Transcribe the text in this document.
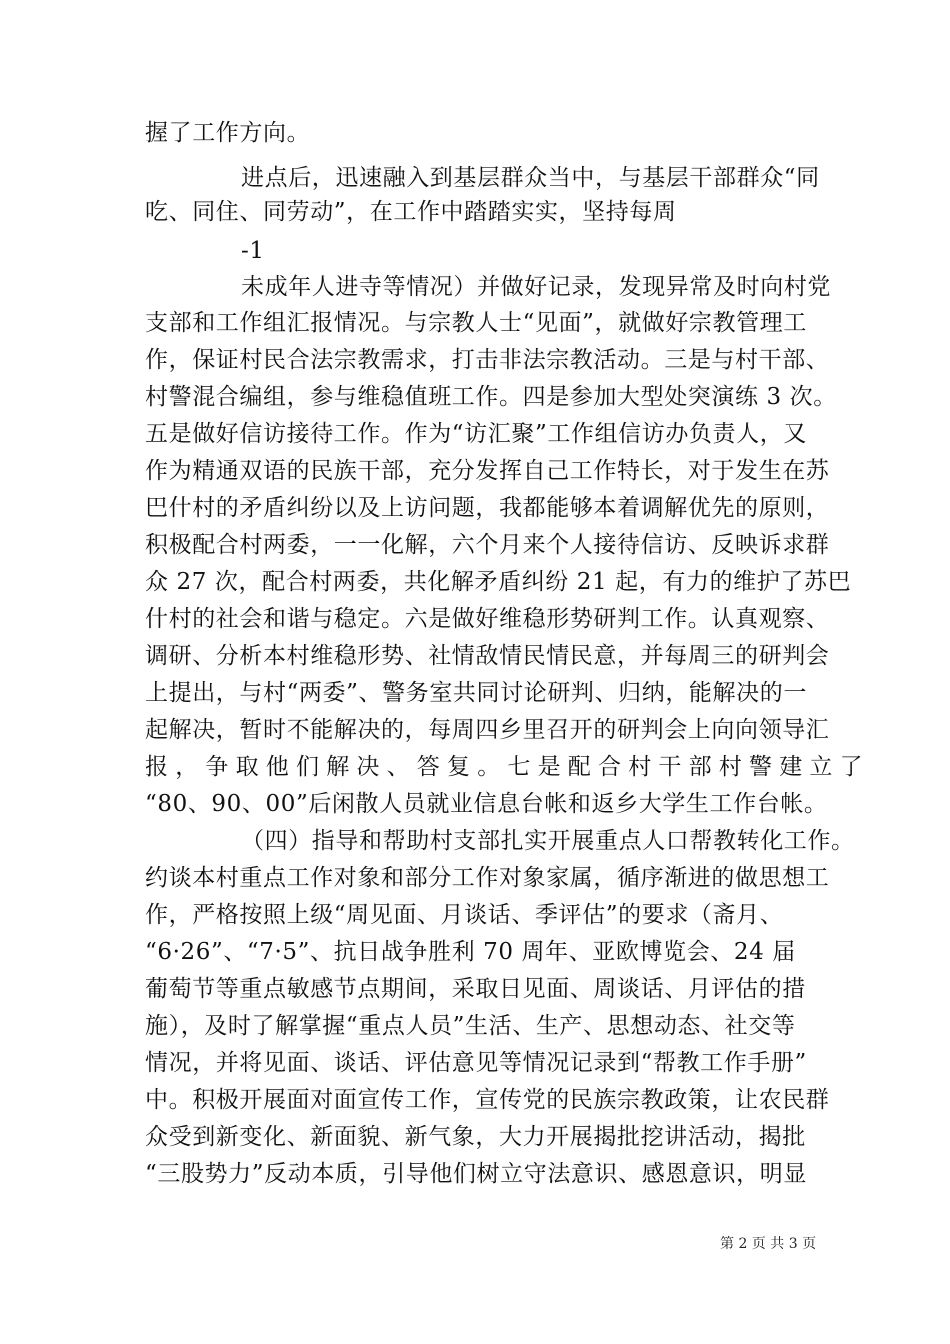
握了工作方向。
进点后，迅速融入到基层群众当中，与基层干部群众“同
吃、同住、同劳动”，在工作中踏踏实实，坚持每周
-1
未成年人进寺等情况）并做好记录，发现异常及时向村党
支部和工作组汇报情况。与宗教人士“见面”，就做好宗教管理工
作，保证村民合法宗教需求，打击非法宗教活动。三是与村干部、
村警混合编组，参与维稳值班工作。四是参加大型处突演练 3 次。
五是做好信访接待工作。作为“访汇聚”工作组信访办负责人，又
作为精通双语的民族干部，充分发挥自己工作特长，对于发生在苏
巴什村的矛盾纠纷以及上访问题，我都能够本着调解优先的原则，
积极配合村两委，一一化解，六个月来个人接待信访、反映诉求群
众 27 次，配合村两委，共化解矛盾纠纷 21 起，有力的维护了苏巴
什村的社会和谐与稳定。六是做好维稳形势研判工作。认真观察、
调研、分析本村维稳形势、社情敌情民情民意，并每周三的研判会
上提出，与村“两委”、警务室共同讨论研判、归纳，能解决的一
起解决，暂时不能解决的，每周四乡里召开的研判会上向向领导汇
报，争取他们解决、答复。七是配合村干部村警建立了
“80、90、00”后闲散人员就业信息台帐和返乡大学生工作台帐。
（四）指导和帮助村支部扎实开展重点人口帮教转化工作。
约谈本村重点工作对象和部分工作对象家属，循序渐进的做思想工
作，严格按照上级“周见面、月谈话、季评估”的要求（斋月、
“6·26”、“7·5”、抗日战争胜利 70 周年、亚欧博览会、24 届
葡萄节等重点敏感节点期间，采取日见面、周谈话、月评估的措
施），及时了解掌握“重点人员”生活、生产、思想动态、社交等
情况，并将见面、谈话、评估意见等情况记录到“帮教工作手册”
中。积极开展面对面宣传工作，宣传党的民族宗教政策，让农民群
众受到新变化、新面貌、新气象，大力开展揭批挖讲活动，揭批
“三股势力”反动本质，引导他们树立守法意识、感恩意识，明显
第 2 页 共 3 页
